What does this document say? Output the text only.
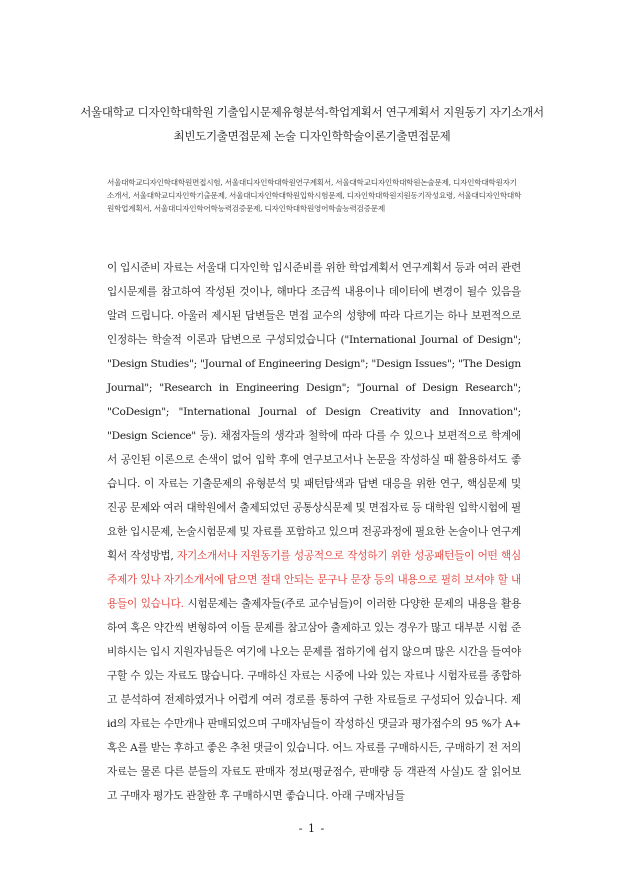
서울대학교 디자인학대학원 기출입시문제유형분석-학업계획서 연구계획서 지원동기 자기소개서
최빈도기출면접문제 논술 디자인학학술이론기출면접문제
서울대학교디자인학대학원면접시험, 서울대디자인학대학원연구계획서, 서울대학교디자인학대학원논술문제, 디자인학대학원자기소개서, 서울대학교디자인학기출문제, 서울대디자인학대학원입학시험문제, 디자인학대학원지원동기작성요령, 서울대디자인학대학원학업계획서, 서울대디자인학어학능력검증문제, 디자인학대학원영어학술능력검증문제
이 입시준비 자료는 서울대 디자인학 입시준비를 위한 학업계획서 연구계획서 등과 여러 관련 입시문제를 참고하여 작성된 것이나, 해마다 조금씩 내용이나 데이터에 변경이 될수 있음을 알려 드립니다. 아울러 제시된 답변들은 면접 교수의 성향에 따라 다르기는 하나 보편적으로 인정하는 학술적 이론과 답변으로 구성되었습니다 ("International Journal of Design"; "Design Studies"; "Journal of Engineering Design"; "Design Issues"; "The Design Journal"; "Research in Engineering Design"; "Journal of Design Research"; "CoDesign"; "International Journal of Design Creativity and Innovation"; "Design Science" 등). 채점자들의 생각과 철학에 따라 다를 수 있으나 보편적으로 학계에서 공인된 이론으로 손색이 없어 입학 후에 연구보고서나 논문을 작성하실 때 활용하셔도 좋습니다. 이 자료는 기출문제의 유형분석 및 패턴탐색과 답변 대응을 위한 연구, 핵심문제 및 진공 문제와 여러 대학원에서 출제되었던 공통상식문제 및 면접자료 등 대학원 입학시험에 필요한 입시문제, 논술시험문제 및 자료를 포함하고 있으며 전공과정에 필요한 논술이나 연구계획서 작성방법, 자기소개서나 지원동기를 성공적으로 작성하기 위한 성공패턴들이 어떤 핵심주제가 있나 자기소개서에 담으면 절대 안되는 문구나 문장 등의 내용으로 필히 보셔야 할 내용들이 있습니다. 시험문제는 출제자들(주로 교수님들)이 이러한 다양한 문제의 내용을 활용하여 혹은 약간씩 변형하여 이들 문제를 참고삼아 출제하고 있는 경우가 많고 대부분 시험 준비하시는 입시 지원자님들은 여기에 나오는 문제를 접하기에 쉽지 않으며 많은 시간을 들여야 구할 수 있는 자료도 많습니다. 구매하신 자료는 시중에 나와 있는 자료나 시험자료를 종합하고 분석하여 전제하였거나 어렵게 여러 경로를 통하여 구한 자료들로 구성되어 있습니다. 제 id의 자료는 수만개나 판매되었으며 구매자님들이 작성하신 댓글과 평가점수의 95 %가 A+ 혹은 A를 받는 후하고 좋은 추천 댓글이 있습니다. 어느 자료를 구매하시든, 구매하기 전 저의 자료는 물론 다른 분들의 자료도 판매자 정보(평균점수, 판매량 등 객관적 사실)도 잘 읽어보고 구매자 평가도 관찰한 후 구매하시면 좋습니다. 아래 구매자님들
- 1 -
